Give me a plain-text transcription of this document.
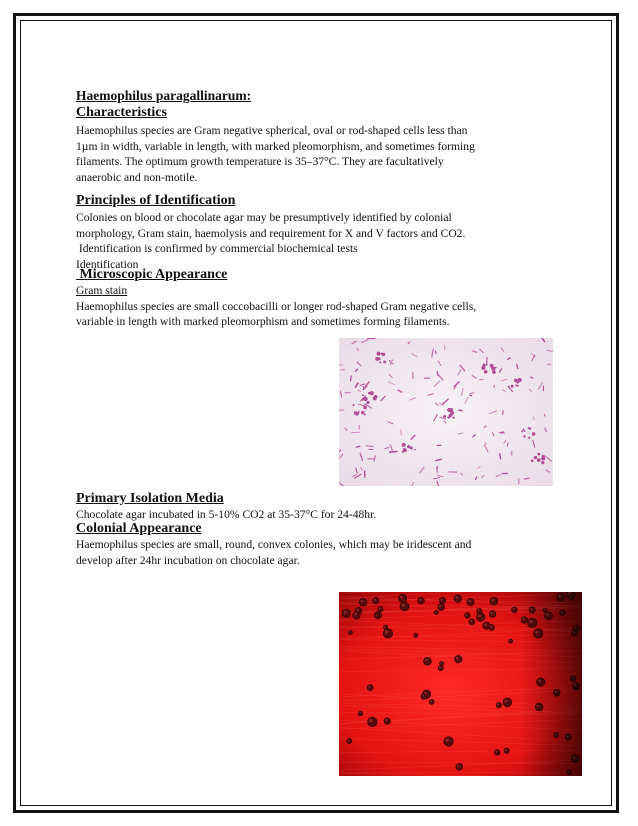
Haemophilus paragallinarum:

Characteristics

Haemophilus species are Gram negative spherical, oval or rod-shaped cells less than

1µm in width, variable in length, with marked pleomorphism, and sometimes forming

filaments. The optimum growth temperature is 35–37°C. They are facultatively

anaerobic and non-motile.

Principles of Identification

Colonies on blood or chocolate agar may be presumptively identified by colonial

morphology, Gram stain, haemolysis and requirement for X and V factors and CO2.

Identification is confirmed by commercial biochemical tests

Identification

Microscopic Appearance

Gram stain

Haemophilus species are small coccobacilli or longer rod-shaped Gram negative cells,

variable in length with marked pleomorphism and sometimes forming filaments.

Primary Isolation Media

Chocolate agar incubated in 5-10% CO2 at 35-37°C for 24-48hr.

Colonial Appearance

Haemophilus species are small, round, convex colonies, which may be iridescent and

develop after 24hr incubation on chocolate agar.
